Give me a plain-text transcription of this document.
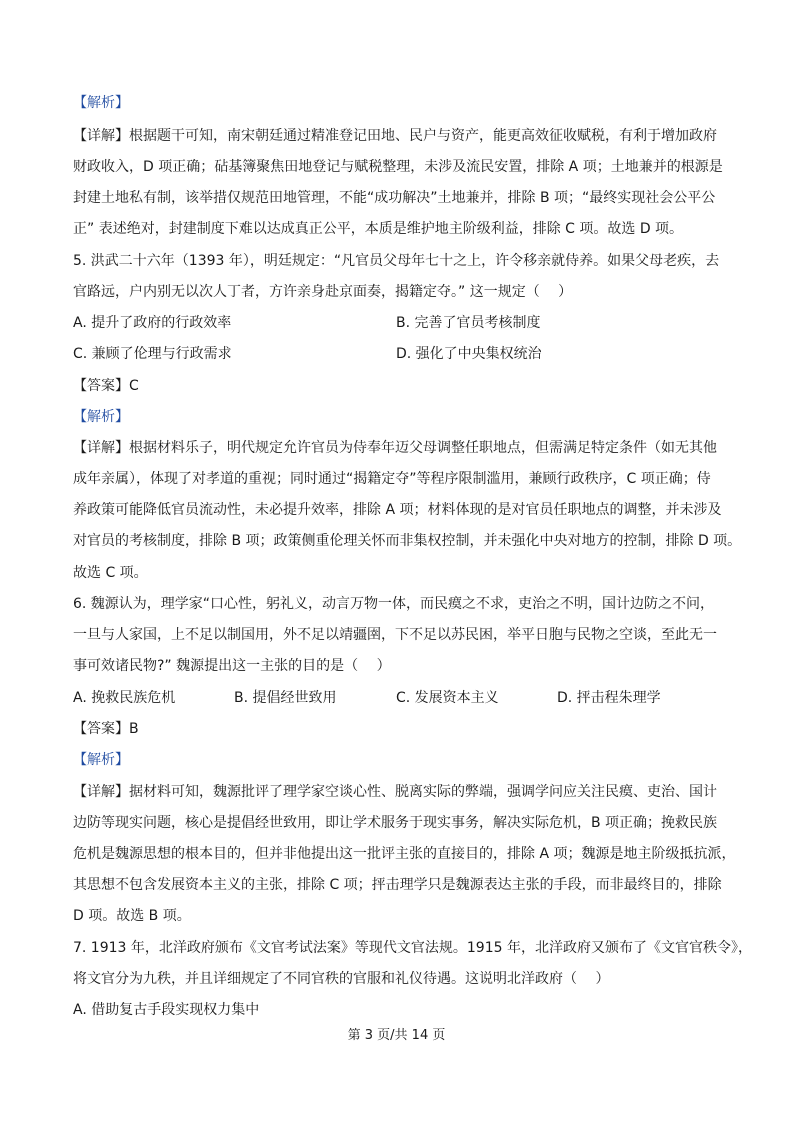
【解析】
【详解】根据题干可知，南宋朝廷通过精准登记田地、民户与资产，能更高效征收赋税，有利于增加政府
财政收入，D 项正确；砧基簿聚焦田地登记与赋税整理，未涉及流民安置，排除 A 项；土地兼并的根源是
封建土地私有制，该举措仅规范田地管理，不能“成功解决”土地兼并，排除 B 项；“最终实现社会公平公
正” 表述绝对，封建制度下难以达成真正公平，本质是维护地主阶级利益，排除 C 项。故选 D 项。
5. 洪武二十六年（1393 年），明廷规定：“凡官员父母年七十之上，许令移亲就侍养。如果父母老疾，去
官路远，户内别无以次人丁者，方许亲身赴京面奏，揭籍定夺。” 这一规定（　 ）
A. 提升了政府的行政效率	B. 完善了官员考核制度
C. 兼顾了伦理与行政需求	D. 强化了中央集权统治
【答案】C
【解析】
【详解】根据材料乐子，明代规定允许官员为侍奉年迈父母调整任职地点，但需满足特定条件（如无其他
成年亲属），体现了对孝道的重视；同时通过“揭籍定夺”等程序限制滥用，兼顾行政秩序，C 项正确；侍
养政策可能降低官员流动性，未必提升效率，排除 A 项；材料体现的是对官员任职地点的调整，并未涉及
对官员的考核制度，排除 B 项；政策侧重伦理关怀而非集权控制，并未强化中央对地方的控制，排除 D 项。
故选 C 项。
6. 魏源认为，理学家“口心性，躬礼义，动言万物一体，而民瘼之不求，吏治之不明，国计边防之不问，
一旦与人家国，上不足以制国用，外不足以靖疆圉，下不足以苏民困，举平日胞与民物之空谈，至此无一
事可效诸民物?” 魏源提出这一主张的目的是（　 ）
A. 挽救民族危机	B. 提倡经世致用	C. 发展资本主义	D. 抨击程朱理学
【答案】B
【解析】
【详解】据材料可知，魏源批评了理学家空谈心性、脱离实际的弊端，强调学问应关注民瘼、吏治、国计
边防等现实问题，核心是提倡经世致用，即让学术服务于现实事务，解决实际危机，B 项正确；挽救民族
危机是魏源思想的根本目的，但并非他提出这一批评主张的直接目的，排除 A 项；魏源是地主阶级抵抗派，
其思想不包含发展资本主义的主张，排除 C 项；抨击理学只是魏源表达主张的手段，而非最终目的，排除
D 项。故选 B 项。
7. 1913 年，北洋政府颁布《文官考试法案》等现代文官法规。1915 年，北洋政府又颁布了《文官官秩令》，
将文官分为九秩，并且详细规定了不同官秩的官服和礼仪待遇。这说明北洋政府（　 ）
A. 借助复古手段实现权力集中
第 3 页/共 14 页
